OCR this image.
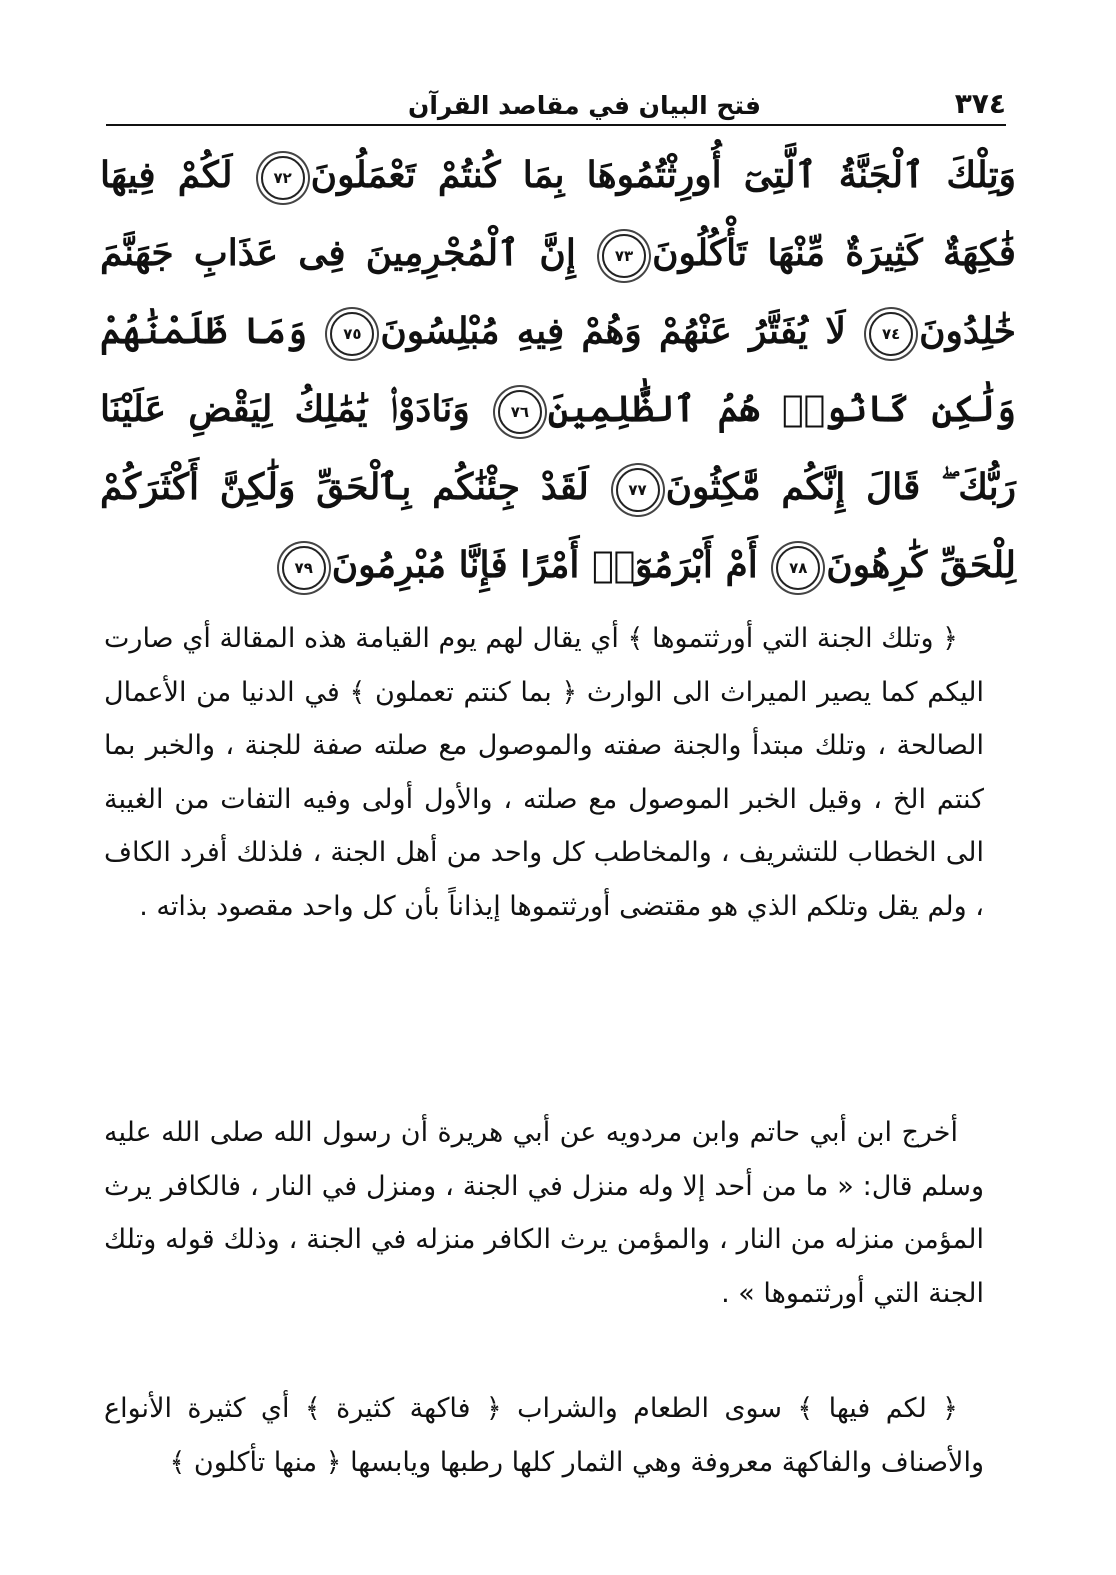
٣٧٤
فتح البيان في مقاصد القرآن
وَتِلْكَ ٱلْجَنَّةُ ٱلَّتِىٓ أُورِثْتُمُوهَا بِمَا كُنتُمْ تَعْمَلُونَ٧٢ لَكُمْ فِيهَا فَٰكِهَةٌ كَثِيرَةٌ مِّنْهَا تَأْكُلُونَ٧٣ إِنَّ ٱلْمُجْرِمِينَ فِى عَذَابِ جَهَنَّمَ خَٰلِدُونَ٧٤ لَا يُفَتَّرُ عَنْهُمْ وَهُمْ فِيهِ مُبْلِسُونَ٧٥ وَمَا ظَلَمْنَٰهُمْ وَلَٰكِن كَانُوا۟ هُمُ ٱلظَّٰلِمِينَ٧٦ وَنَادَوْا۟ يَٰمَٰلِكُ لِيَقْضِ عَلَيْنَا رَبُّكَ ۖ قَالَ إِنَّكُم مَّٰكِثُونَ٧٧ لَقَدْ جِئْنَٰكُم بِٱلْحَقِّ وَلَٰكِنَّ أَكْثَرَكُمْ لِلْحَقِّ كَٰرِهُونَ٧٨ أَمْ أَبْرَمُوٓا۟ أَمْرًا فَإِنَّا مُبْرِمُونَ٧٩

﴿ وتلك الجنة التي أورثتموها ﴾ أي يقال لهم يوم القيامة هذه المقالة أي صارت اليكم كما يصير الميراث الى الوارث ﴿ بما كنتم تعملون ﴾ في الدنيا من الأعمال الصالحة ، وتلك مبتدأ والجنة صفته والموصول مع صلته صفة للجنة ، والخبر بما كنتم الخ ، وقيل الخبر الموصول مع صلته ، والأول أولى وفيه التفات من الغيبة الى الخطاب للتشريف ، والمخاطب كل واحد من أهل الجنة ، فلذلك أفرد الكاف ، ولم يقل وتلكم الذي هو مقتضى أورثتموها إيذاناً بأن كل واحد مقصود بذاته .

أخرج ابن أبي حاتم وابن مردويه عن أبي هريرة أن رسول الله صلى الله عليه وسلم قال: « ما من أحد إلا وله منزل في الجنة ، ومنزل في النار ، فالكافر يرث المؤمن منزله من النار ، والمؤمن يرث الكافر منزله في الجنة ، وذلك قوله وتلك الجنة التي أورثتموها » .

﴿ لكم فيها ﴾ سوى الطعام والشراب ﴿ فاكهة كثيرة ﴾ أي كثيرة الأنواع والأصناف والفاكهة معروفة وهي الثمار كلها رطبها ويابسها ﴿ منها تأكلون ﴾
